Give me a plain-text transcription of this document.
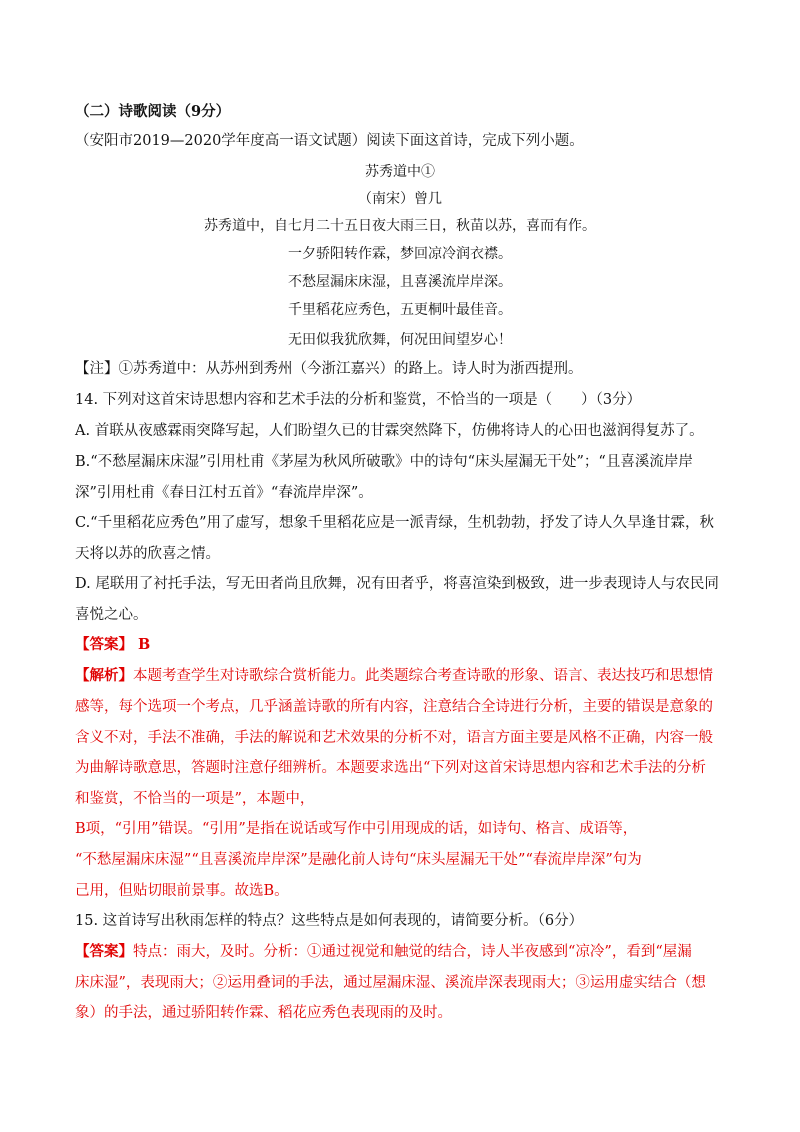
（二）诗歌阅读（9分）
（安阳市2019—2020学年度高一语文试题）阅读下面这首诗，完成下列小题。
苏秀道中①
（南宋）曾几
苏秀道中，自七月二十五日夜大雨三日，秋苗以苏，喜而有作。
一夕骄阳转作霖，梦回凉冷润衣襟。
不愁屋漏床床湿，且喜溪流岸岸深。
千里稻花应秀色，五更桐叶最佳音。
无田似我犹欣舞，何况田间望岁心！
【注】①苏秀道中：从苏州到秀州（今浙江嘉兴）的路上。诗人时为浙西提刑。
14. 下列对这首宋诗思想内容和艺术手法的分析和鉴赏，不恰当的一项是（　　）（3分）
A. 首联从夜感霖雨突降写起，人们盼望久已的甘霖突然降下，仿佛将诗人的心田也滋润得复苏了。
B.“不愁屋漏床床湿”引用杜甫《茅屋为秋风所破歌》中的诗句“床头屋漏无干处”；“且喜溪流岸岸
深”引用杜甫《春日江村五首》“春流岸岸深”。
C.“千里稻花应秀色”用了虚写，想象千里稻花应是一派青绿，生机勃勃，抒发了诗人久旱逢甘霖，秋
天将以苏的欣喜之情。
D. 尾联用了衬托手法，写无田者尚且欣舞，况有田者乎，将喜渲染到极致，进一步表现诗人与农民同
喜悦之心。
【答案】 B
【解析】本题考查学生对诗歌综合赏析能力。此类题综合考查诗歌的形象、语言、表达技巧和思想情
感等，每个选项一个考点，几乎涵盖诗歌的所有内容，注意结合全诗进行分析，主要的错误是意象的
含义不对，手法不准确，手法的解说和艺术效果的分析不对，语言方面主要是风格不正确，内容一般
为曲解诗歌意思，答题时注意仔细辨析。本题要求选出“下列对这首宋诗思想内容和艺术手法的分析
和鉴赏，不恰当的一项是”，本题中，
B项，“引用”错误。“引用”是指在说话或写作中引用现成的话，如诗句、格言、成语等，
“不愁屋漏床床湿”“且喜溪流岸岸深”是融化前人诗句“床头屋漏无干处”“春流岸岸深”句为
己用，但贴切眼前景事。故选B。
15. 这首诗写出秋雨怎样的特点？这些特点是如何表现的，请简要分析。（6分）
【答案】特点：雨大，及时。分析：①通过视觉和触觉的结合，诗人半夜感到“凉冷”，看到“屋漏
床床湿”，表现雨大；②运用叠词的手法，通过屋漏床湿、溪流岸深表现雨大；③运用虚实结合（想
象）的手法，通过骄阳转作霖、稻花应秀色表现雨的及时。
